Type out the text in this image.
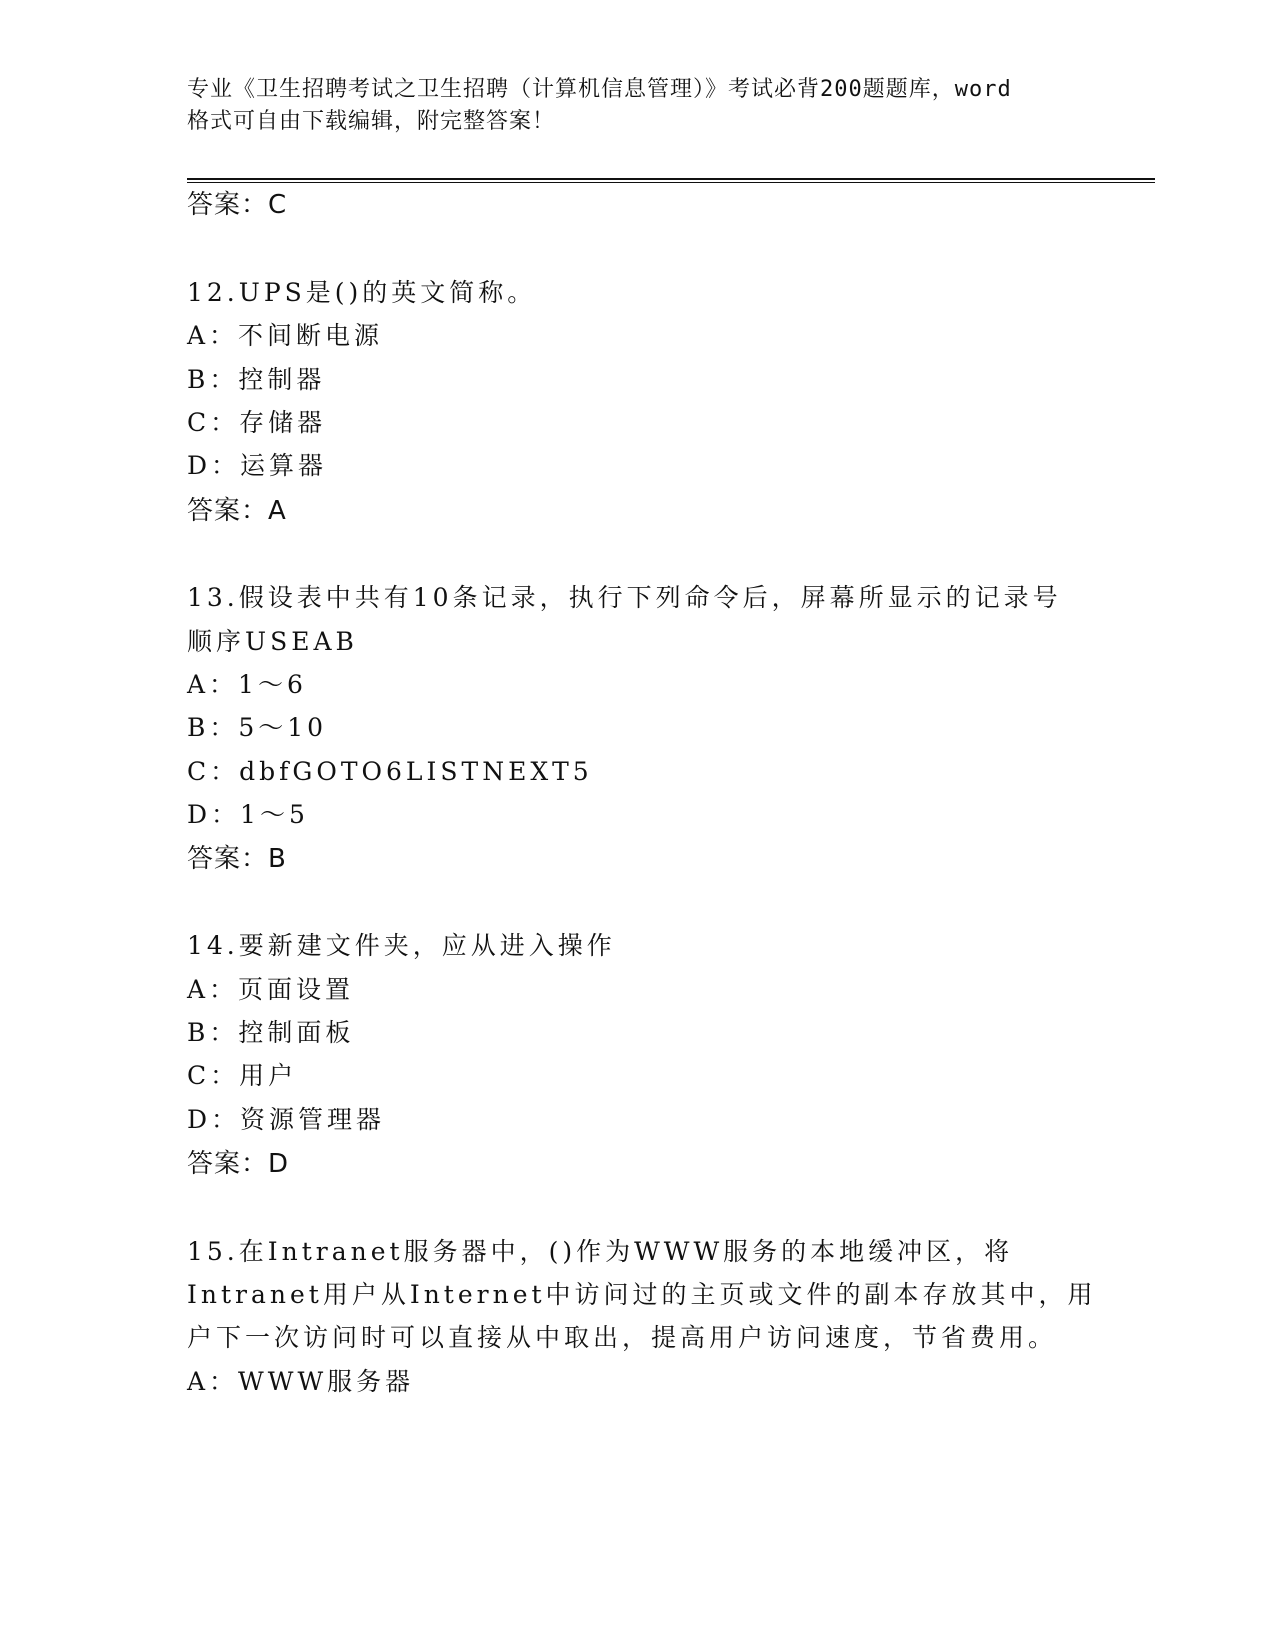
专业《卫生招聘考试之卫生招聘（计算机信息管理）》考试必背200题题库，word
格式可自由下载编辑，附完整答案！
答案：C
12.UPS是()的英文简称。
A：不间断电源
B：控制器
C：存储器
D：运算器
答案：A
13.假设表中共有10条记录，执行下列命令后，屏幕所显示的记录号
顺序USEAB
A：1～6
B：5～10
C：dbfGOTO6LISTNEXT5
D：1～5
答案：B
14.要新建文件夹，应从进入操作
A：页面设置
B：控制面板
C：用户
D：资源管理器
答案：D
15.在Intranet服务器中，()作为WWW服务的本地缓冲区，将
Intranet用户从Internet中访问过的主页或文件的副本存放其中，用
户下一次访问时可以直接从中取出，提高用户访问速度，节省费用。
A：WWW服务器
